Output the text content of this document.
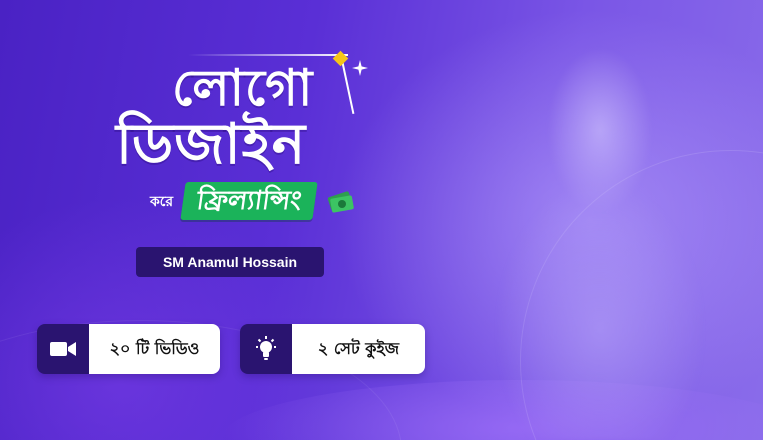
লোগো
ডিজাইন
করে ফ্রিল্যান্সিং
SM Anamul Hossain
২০ টি ভিডিও	২ সেট কুইজ
